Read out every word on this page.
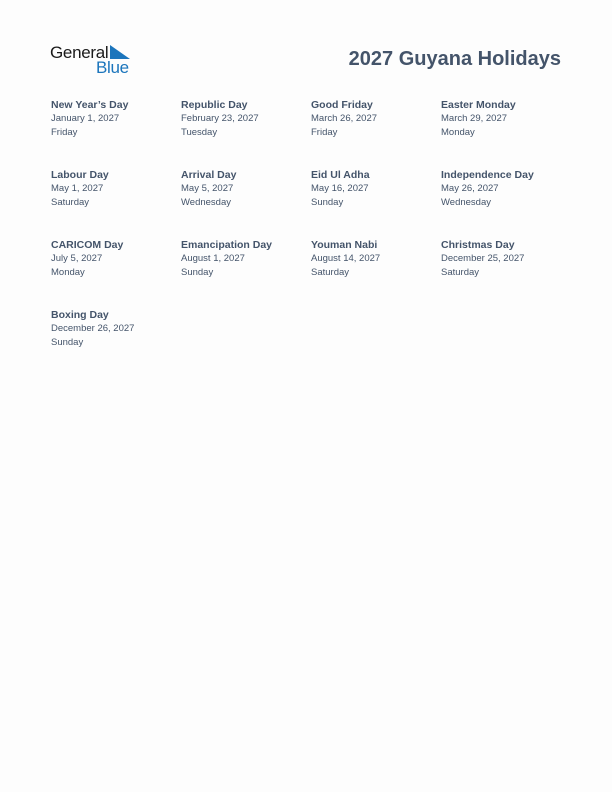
General
Blue	2027 Guyana Holidays
New Year’s Day
January 1, 2027
Friday
Republic Day
February 23, 2027
Tuesday
Good Friday
March 26, 2027
Friday
Easter Monday
March 29, 2027
Monday
Labour Day
May 1, 2027
Saturday
Arrival Day
May 5, 2027
Wednesday
Eid Ul Adha
May 16, 2027
Sunday
Independence Day
May 26, 2027
Wednesday
CARICOM Day
July 5, 2027
Monday
Emancipation Day
August 1, 2027
Sunday
Youman Nabi
August 14, 2027
Saturday
Christmas Day
December 25, 2027
Saturday
Boxing Day
December 26, 2027
Sunday
